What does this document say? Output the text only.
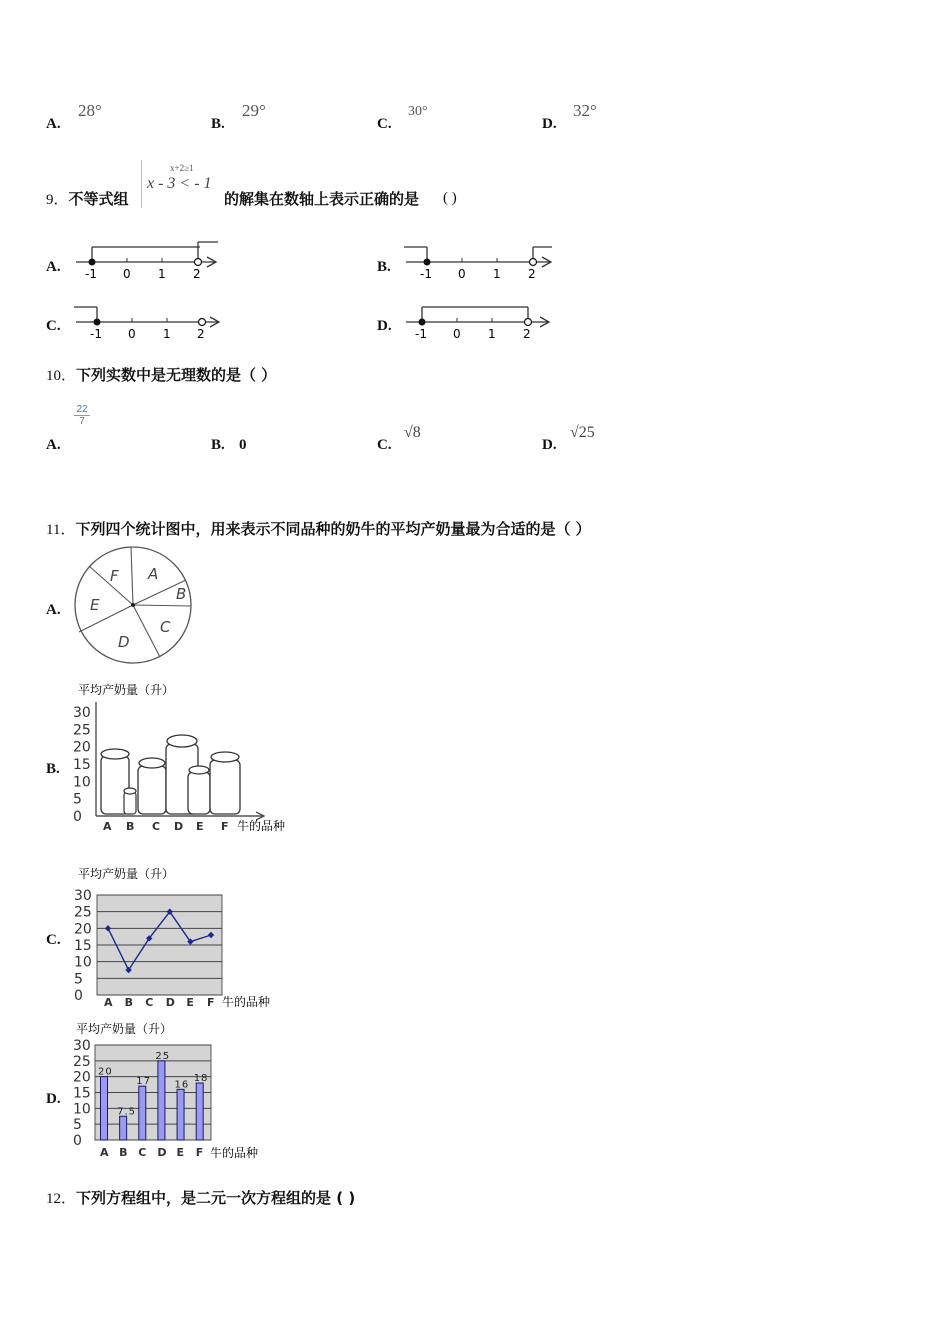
A.
28°
B.
29°
C.
30°
D.
32°
9．不等式组
x+2≥1
x - 3 < - 1
的解集在数轴上表示正确的是 ( )
A.	B.
C.	D.
-1 0 1 2	-1 0 1 2
-1 0 1 2	-1 0 1 2
10．下列实数中是无理数的是（ ）
A.
$\frac{22}{7}$
B. 0	C.
√8
D.
√25
11．下列四个统计图中，用来表示不同品种的奶牛的平均产奶量最为合适的是（ ）
A.
B.
C.
D.
A
B
C
D
E
F
平均产奶量（升）
30
25
20
15
10
5
0
A B C D E F 牛的品种
平均产奶量（升）
0
5
10
15
20
25
30
A B C D E F 牛的品种
平均产奶量（升）
0
5
10
15
20
25
30
20
A
7.5
B
17
C
25
D
16
E
18
F 牛的品种
12．下列方程组中，是二元一次方程组的是 ( )
